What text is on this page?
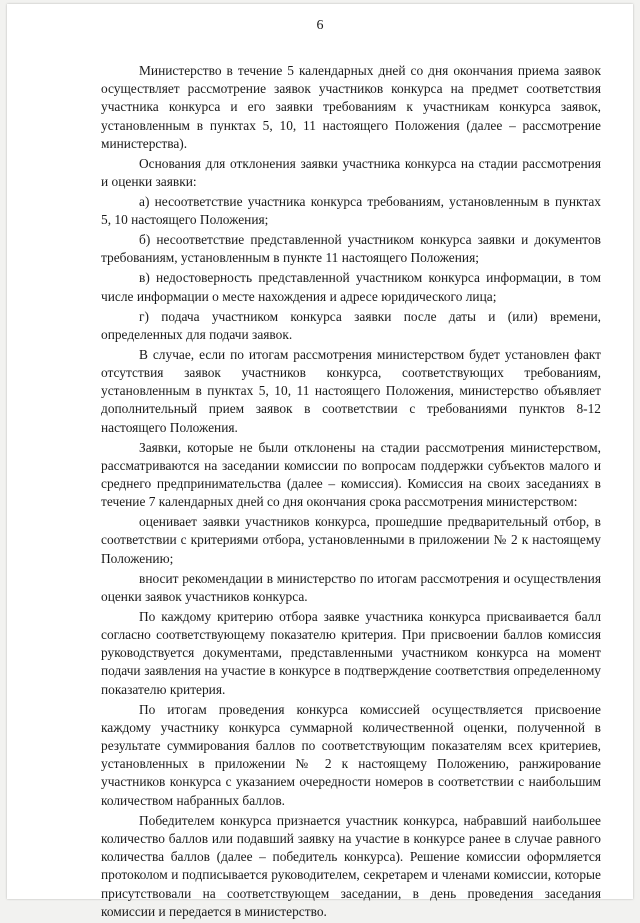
6

Министерство в течение 5 календарных дней со дня окончания приема заявок осуществляет рассмотрение заявок участников конкурса на предмет соответствия участника конкурса и его заявки требованиям к участникам конкурса заявок, установленным в пунктах 5, 10, 11 настоящего Положения (далее – рассмотрение министерства).

Основания для отклонения заявки участника конкурса на стадии рассмотрения и оценки заявки:

а) несоответствие участника конкурса требованиям, установленным в пунктах 5, 10 настоящего Положения;

б) несоответствие представленной участником конкурса заявки и документов требованиям, установленным в пункте 11 настоящего Положения;

в) недостоверность представленной участником конкурса информации, в том числе информации о месте нахождения и адресе юридического лица;

г) подача участником конкурса заявки после даты и (или) времени, определенных для подачи заявок.

В случае, если по итогам рассмотрения министерством будет установлен факт отсутствия заявок участников конкурса, соответствующих требованиям, установленным в пунктах 5, 10, 11 настоящего Положения, министерство объявляет дополнительный прием заявок в соответствии с требованиями пунктов 8-12 настоящего Положения.

Заявки, которые не были отклонены на стадии рассмотрения министерством, рассматриваются на заседании комиссии по вопросам поддержки субъектов малого и среднего предпринимательства (далее – комиссия). Комиссия на своих заседаниях в течение 7 календарных дней со дня окончания срока рассмотрения министерством:

оценивает заявки участников конкурса, прошедшие предварительный отбор, в соответствии с критериями отбора, установленными в приложении № 2 к настоящему Положению;

вносит рекомендации в министерство по итогам рассмотрения и осуществления оценки заявок участников конкурса.

По каждому критерию отбора заявке участника конкурса присваивается балл согласно соответствующему показателю критерия. При присвоении баллов комиссия руководствуется документами, представленными участником конкурса на момент подачи заявления на участие в конкурсе в подтверждение соответствия определенному показателю критерия.

По итогам проведения конкурса комиссией осуществляется присвоение каждому участнику конкурса суммарной количественной оценки, полученной в результате суммирования баллов по соответствующим показателям всех критериев, установленных в приложении № 2 к настоящему Положению, ранжирование участников конкурса с указанием очередности номеров в соответствии с наибольшим количеством набранных баллов.

Победителем конкурса признается участник конкурса, набравший наибольшее количество баллов или подавший заявку на участие в конкурсе ранее в случае равного количества баллов (далее – победитель конкурса). Решение комиссии оформляется протоколом и подписывается руководителем, секретарем и членами комиссии, которые присутствовали на соответствующем заседании, в день проведения заседания комиссии и передается в министерство.
